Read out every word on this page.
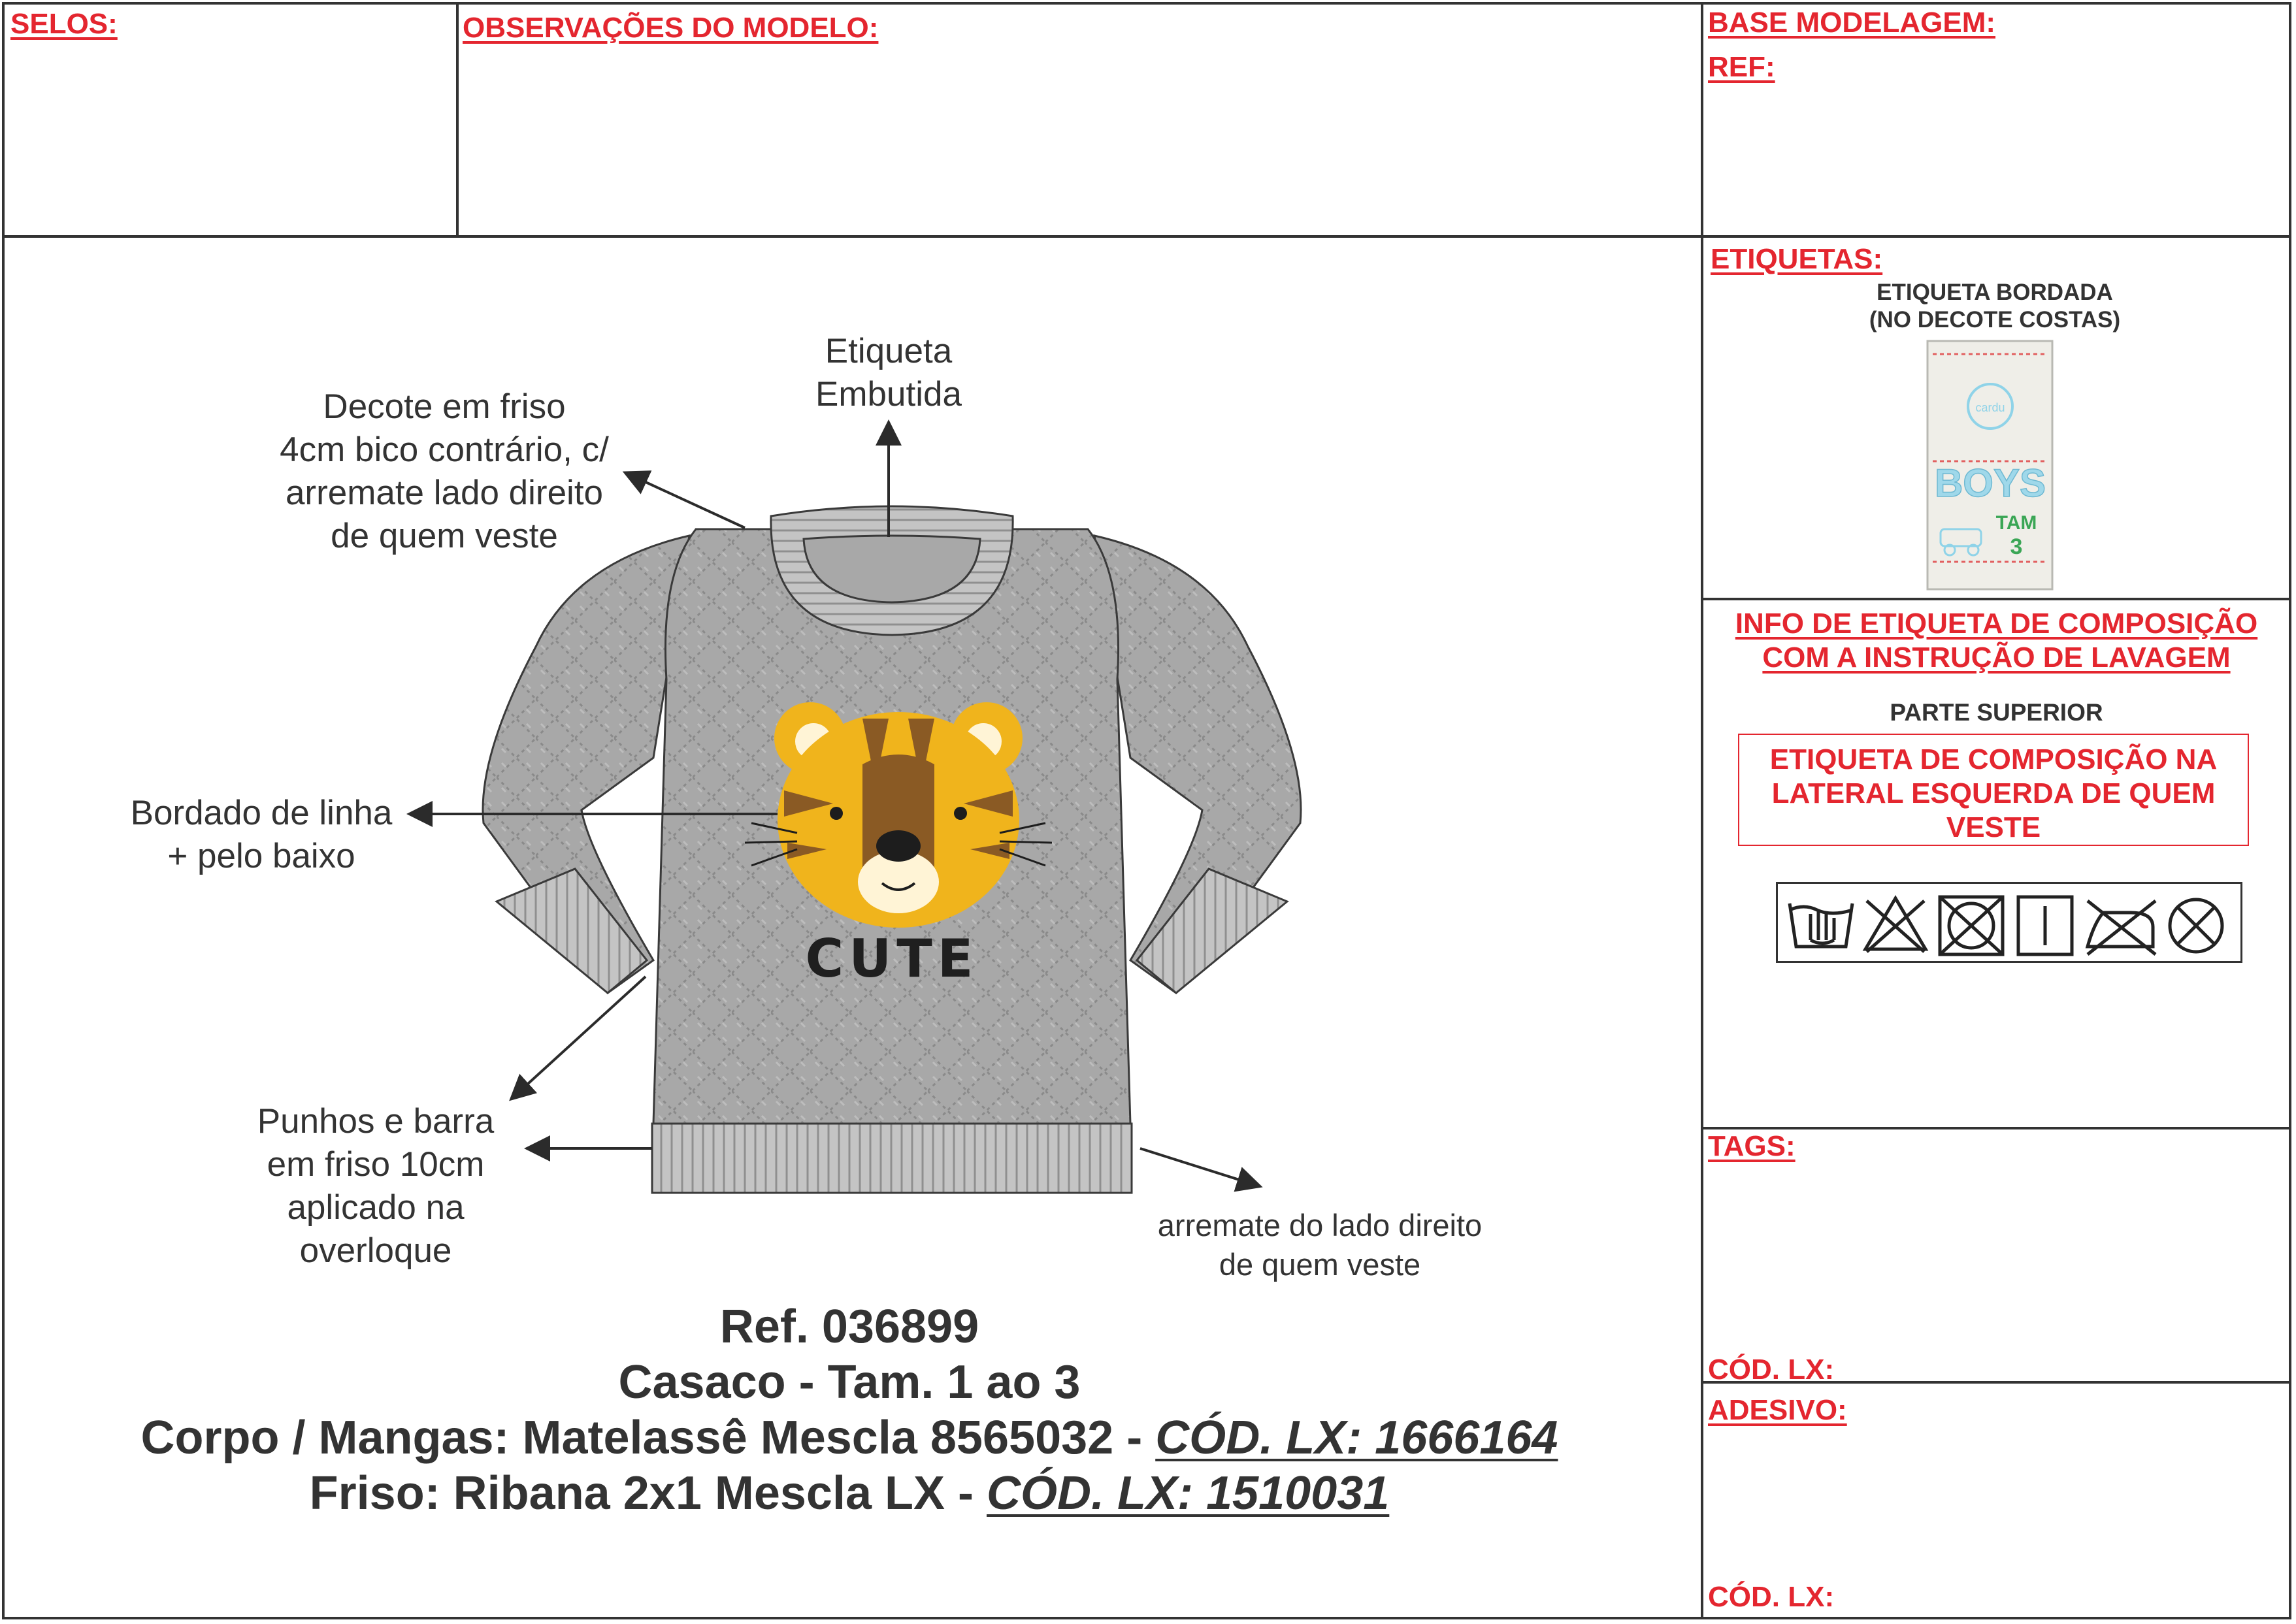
SELOS:	OBSERVAÇÕES DO MODELO:	BASE MODELAGEM:
REF:
ETIQUETAS:
ETIQUETA BORDADA
(NO DECOTE COSTAS)
cardu
BOYS
TAM
3
INFO DE ETIQUETA DE COMPOSIÇÃO
COM A INSTRUÇÃO DE LAVAGEM
PARTE SUPERIOR
ETIQUETA DE COMPOSIÇÃO NA
LATERAL ESQUERDA DE QUEM
VESTE
TAGS:
CÓD. LX:
ADESIVO:
CÓD. LX:
CUTE
Etiqueta
Embutida
Decote em friso
4cm bico contrário, c/
arremate lado direito
de quem veste
Bordado de linha
+ pelo baixo
Punhos e barra
em friso 10cm
aplicado na
overloque
arremate do lado direito
de quem veste
Ref. 036899
Casaco - Tam. 1 ao 3
Corpo / Mangas: Matelassê Mescla 8565032 - CÓD. LX: 1666164
Friso: Ribana 2x1 Mescla LX - CÓD. LX: 1510031
